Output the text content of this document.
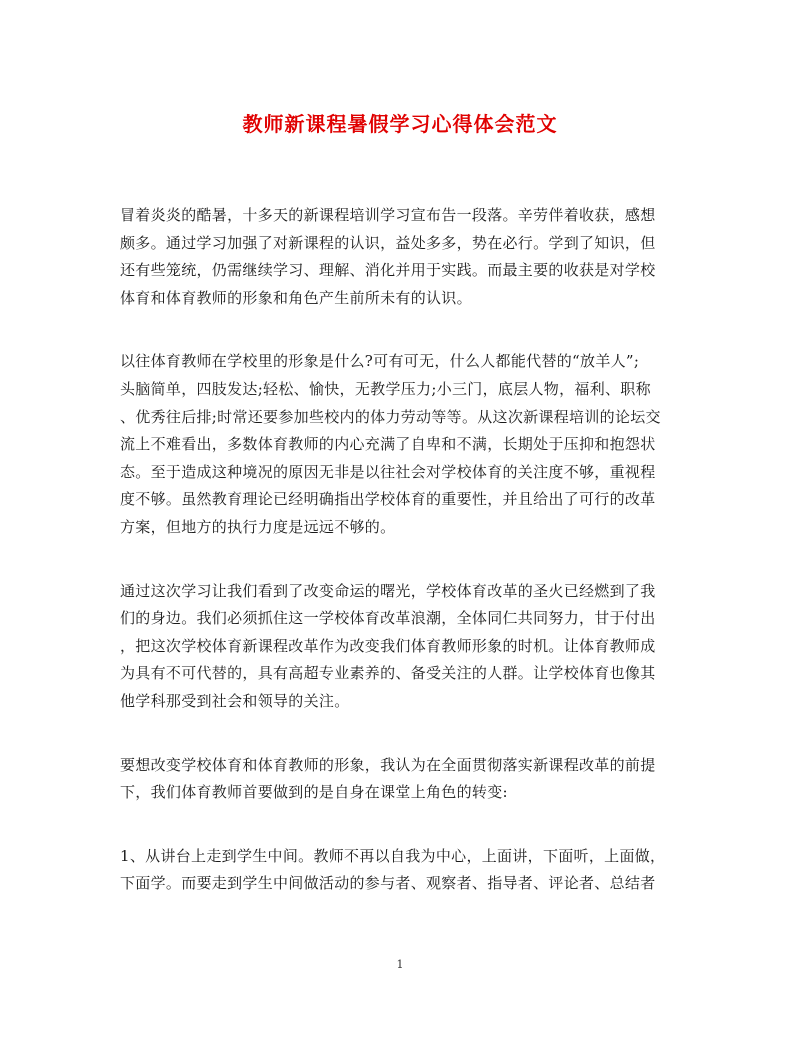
教师新课程暑假学习心得体会范文
冒着炎炎的酷暑，十多天的新课程培训学习宣布告一段落。辛劳伴着收获，感想
颇多。通过学习加强了对新课程的认识，益处多多，势在必行。学到了知识，但
还有些笼统，仍需继续学习、理解、消化并用于实践。而最主要的收获是对学校
体育和体育教师的形象和角色产生前所未有的认识。
以往体育教师在学校里的形象是什么?可有可无，什么人都能代替的“放羊人”;
头脑简单，四肢发达;轻松、愉快，无教学压力;小三门，底层人物，福利、职称
、优秀往后排;时常还要参加些校内的体力劳动等等。从这次新课程培训的论坛交
流上不难看出，多数体育教师的内心充满了自卑和不满，长期处于压抑和抱怨状
态。至于造成这种境况的原因无非是以往社会对学校体育的关注度不够，重视程
度不够。虽然教育理论已经明确指出学校体育的重要性，并且给出了可行的改革
方案，但地方的执行力度是远远不够的。
通过这次学习让我们看到了改变命运的曙光，学校体育改革的圣火已经燃到了我
们的身边。我们必须抓住这一学校体育改革浪潮，全体同仁共同努力，甘于付出
，把这次学校体育新课程改革作为改变我们体育教师形象的时机。让体育教师成
为具有不可代替的，具有高超专业素养的、备受关注的人群。让学校体育也像其
他学科那受到社会和领导的关注。
要想改变学校体育和体育教师的形象，我认为在全面贯彻落实新课程改革的前提
下，我们体育教师首要做到的是自身在课堂上角色的转变:
1、从讲台上走到学生中间。教师不再以自我为中心，上面讲，下面听，上面做，
下面学。而要走到学生中间做活动的参与者、观察者、指导者、评论者、总结者
1
